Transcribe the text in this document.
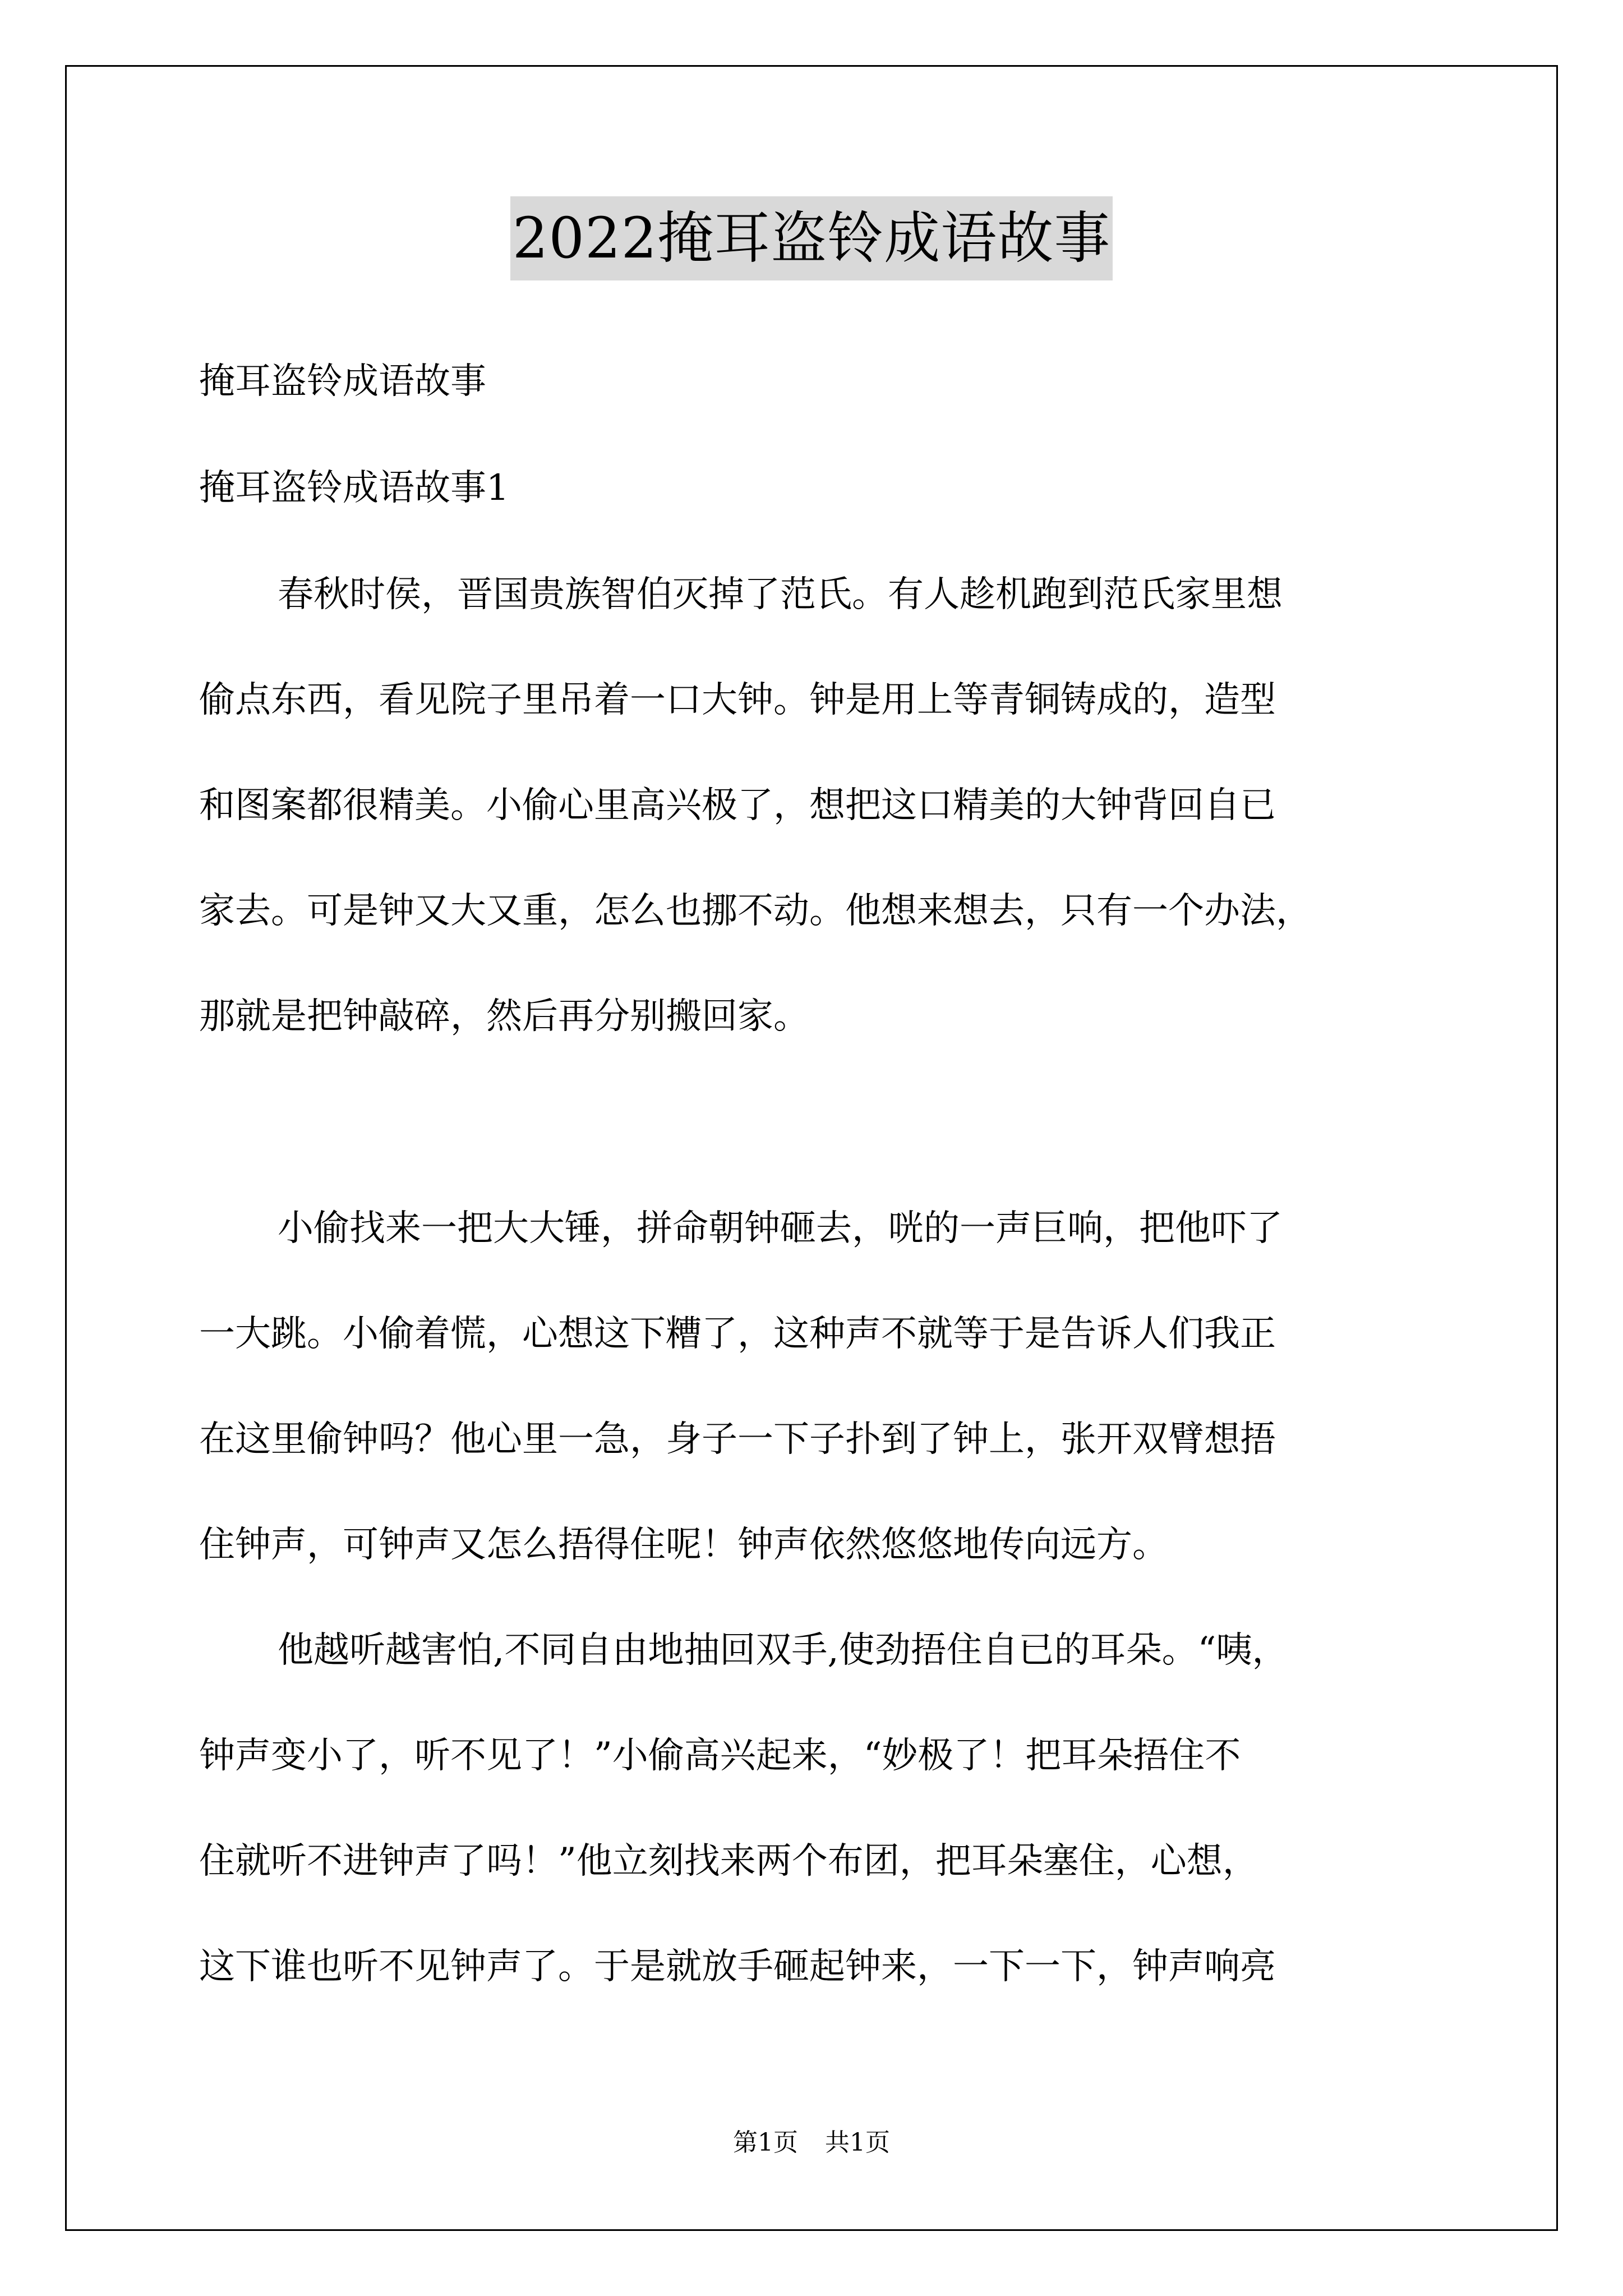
2022掩耳盗铃成语故事
掩耳盗铃成语故事
掩耳盗铃成语故事1
春秋时侯，晋国贵族智伯灭掉了范氏。有人趁机跑到范氏家里想
偷点东西，看见院子里吊着一口大钟。钟是用上等青铜铸成的，造型
和图案都很精美。小偷心里高兴极了，想把这口精美的大钟背回自已
家去。可是钟又大又重，怎么也挪不动。他想来想去，只有一个办法，
那就是把钟敲碎，然后再分别搬回家。
小偷找来一把大大锤，拼命朝钟砸去，咣的一声巨响，把他吓了
一大跳。小偷着慌，心想这下糟了，这种声不就等于是告诉人们我正
在这里偷钟吗？他心里一急，身子一下子扑到了钟上，张开双臂想捂
住钟声，可钟声又怎么捂得住呢！钟声依然悠悠地传向远方。
他越听越害怕,不同自由地抽回双手,使劲捂住自已的耳朵。“咦，
钟声变小了，听不见了！”小偷高兴起来，“妙极了！把耳朵捂住不
住就听不进钟声了吗！”他立刻找来两个布团，把耳朵塞住，心想，
这下谁也听不见钟声了。于是就放手砸起钟来，一下一下，钟声响亮
第1页 共1页
